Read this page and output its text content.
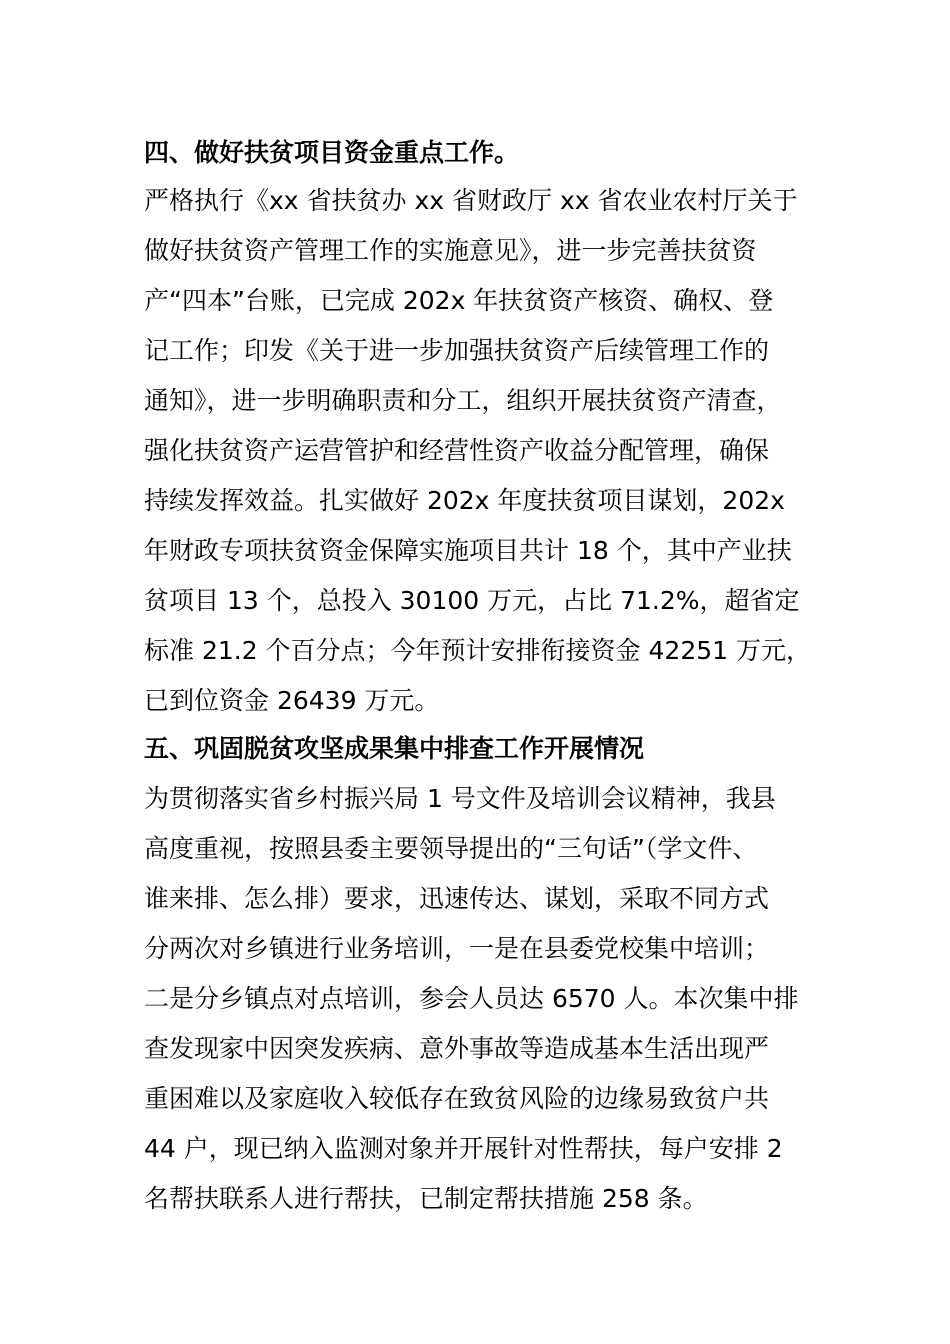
四、做好扶贫项目资金重点工作。
严格执行《xx 省扶贫办 xx 省财政厅 xx 省农业农村厅关于
做好扶贫资产管理工作的实施意见》，进一步完善扶贫资
产“四本”台账，已完成 202x 年扶贫资产核资、确权、登
记工作；印发《关于进一步加强扶贫资产后续管理工作的
通知》，进一步明确职责和分工，组织开展扶贫资产清查，
强化扶贫资产运营管护和经营性资产收益分配管理，确保
持续发挥效益。扎实做好 202x 年度扶贫项目谋划，202x
年财政专项扶贫资金保障实施项目共计 18 个，其中产业扶
贫项目 13 个，总投入 30100 万元，占比 71.2%，超省定
标准 21.2 个百分点；今年预计安排衔接资金 42251 万元，
已到位资金 26439 万元。
五、巩固脱贫攻坚成果集中排查工作开展情况
为贯彻落实省乡村振兴局 1 号文件及培训会议精神，我县
高度重视，按照县委主要领导提出的“三句话”（学文件、
谁来排、怎么排）要求，迅速传达、谋划，采取不同方式
分两次对乡镇进行业务培训，一是在县委党校集中培训；
二是分乡镇点对点培训，参会人员达 6570 人。本次集中排
查发现家中因突发疾病、意外事故等造成基本生活出现严
重困难以及家庭收入较低存在致贫风险的边缘易致贫户共
44 户，现已纳入监测对象并开展针对性帮扶，每户安排 2
名帮扶联系人进行帮扶，已制定帮扶措施 258 条。
